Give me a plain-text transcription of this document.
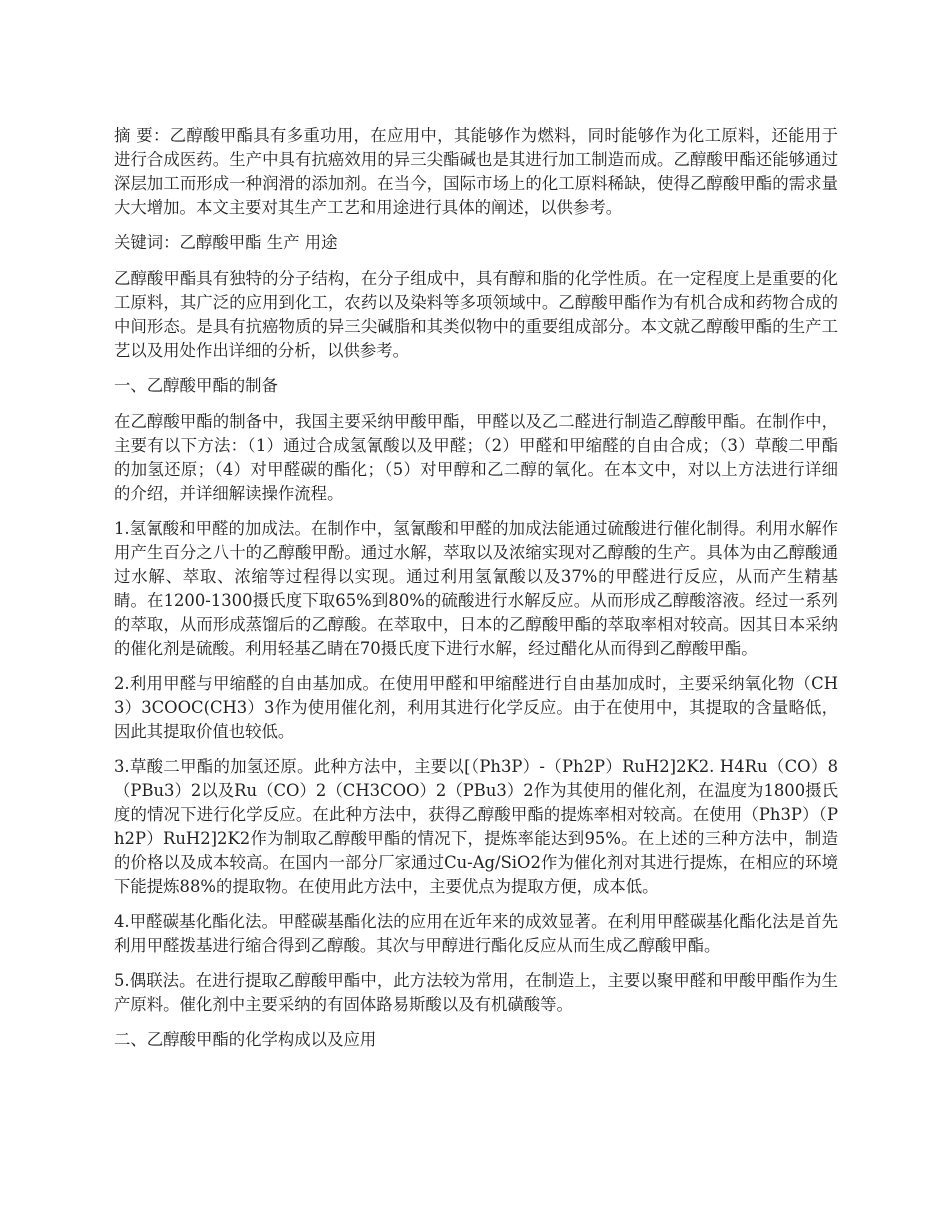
摘 要：乙醇酸甲酯具有多重功用，在应用中，其能够作为燃料，同时能够作为化工原料，还能用于进行合成医药。生产中具有抗癌效用的异三尖酯碱也是其进行加工制造而成。乙醇酸甲酯还能够通过深层加工而形成一种润滑的添加剂。在当今，国际市场上的化工原料稀缺，使得乙醇酸甲酯的需求量大大增加。本文主要对其生产工艺和用途进行具体的阐述，以供参考。

关键词：乙醇酸甲酯 生产 用途

乙醇酸甲酯具有独特的分子结构，在分子组成中，具有醇和脂的化学性质。在一定程度上是重要的化工原料，其广泛的应用到化工，农药以及染料等多项领域中。乙醇酸甲酯作为有机合成和药物合成的中间形态。是具有抗癌物质的异三尖碱脂和其类似物中的重要组成部分。本文就乙醇酸甲酯的生产工艺以及用处作出详细的分析，以供参考。

一、乙醇酸甲酯的制备

在乙醇酸甲酯的制备中，我国主要采纳甲酸甲酯，甲醛以及乙二醛进行制造乙醇酸甲酯。在制作中，主要有以下方法：（1）通过合成氢氰酸以及甲醛；（2）甲醛和甲缩醛的自由合成；（3）草酸二甲酯的加氢还原；（4）对甲醛碳的酯化；（5）对甲醇和乙二醇的氧化。在本文中，对以上方法进行详细的介绍，并详细解读操作流程。

1.氢氰酸和甲醛的加成法。在制作中，氢氰酸和甲醛的加成法能通过硫酸进行催化制得。利用水解作用产生百分之八十的乙醇酸甲酚。通过水解，萃取以及浓缩实现对乙醇酸的生产。具体为由乙醇酸通过水解、萃取、浓缩等过程得以实现。通过利用氢氰酸以及37%的甲醛进行反应，从而产生精基睛。在1200-1300摄氏度下取65%到80%的硫酸进行水解反应。从而形成乙醇酸溶液。经过一系列的萃取，从而形成蒸馏后的乙醇酸。在萃取中，日本的乙醇酸甲酯的萃取率相对较高。因其日本采纳的催化剂是硫酸。利用轻基乙睛在70摄氏度下进行水解，经过醋化从而得到乙醇酸甲酯。

2.利用甲醛与甲缩醛的自由基加成。在使用甲醛和甲缩醛进行自由基加成时，主要采纳氧化物（CH3）3COOC(CH3）3作为使用催化剂，利用其进行化学反应。由于在使用中，其提取的含量略低，因此其提取价值也较低。

3.草酸二甲酯的加氢还原。此种方法中，主要以[（Ph3P）-（Ph2P）RuH2]2K2. H4Ru（CO）8（PBu3）2以及Ru（CO）2（CH3COO）2（PBu3）2作为其使用的催化剂，在温度为1800摄氏度的情况下进行化学反应。在此种方法中，获得乙醇酸甲酯的提炼率相对较高。在使用（Ph3P）（Ph2P）RuH2]2K2作为制取乙醇酸甲酯的情况下，提炼率能达到95%。在上述的三种方法中，制造的价格以及成本较高。在国内一部分厂家通过Cu-Ag/SiO2作为催化剂对其进行提炼，在相应的环境下能提炼88%的提取物。在使用此方法中，主要优点为提取方便，成本低。

4.甲醛碳基化酯化法。甲醛碳基酯化法的应用在近年来的成效显著。在利用甲醛碳基化酯化法是首先利用甲醛拨基进行缩合得到乙醇酸。其次与甲醇进行酯化反应从而生成乙醇酸甲酯。

5.偶联法。在进行提取乙醇酸甲酯中，此方法较为常用，在制造上，主要以聚甲醛和甲酸甲酯作为生产原料。催化剂中主要采纳的有固体路易斯酸以及有机磺酸等。

二、乙醇酸甲酯的化学构成以及应用
